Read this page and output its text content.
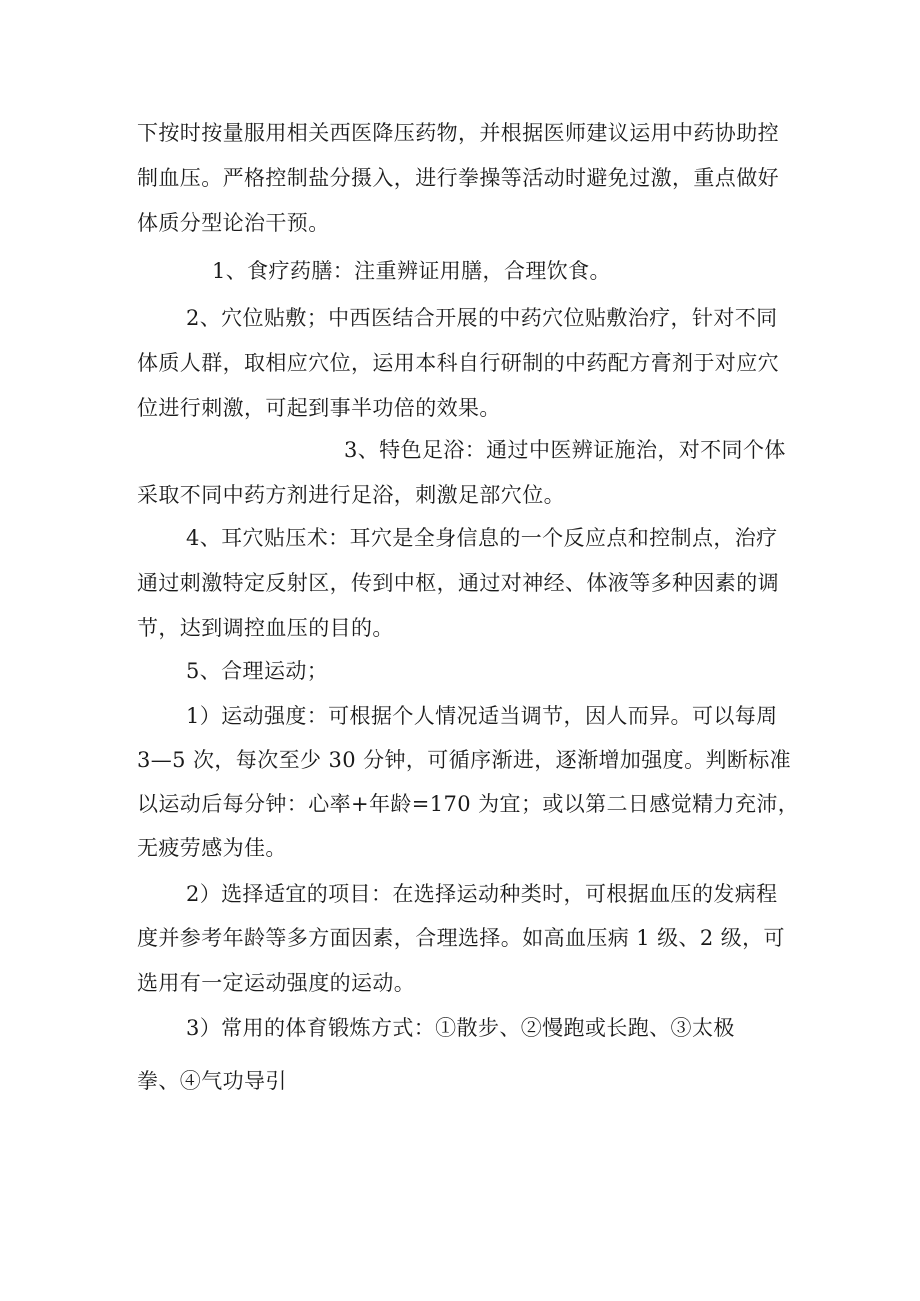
下按时按量服用相关西医降压药物，并根据医师建议运用中药协助控
制血压。严格控制盐分摄入，进行拳操等活动时避免过激，重点做好
体质分型论治干预。
1、食疗药膳：注重辨证用膳，合理饮食。
2、穴位贴敷；中西医结合开展的中药穴位贴敷治疗，针对不同
体质人群，取相应穴位，运用本科自行研制的中药配方膏剂于对应穴
位进行刺激，可起到事半功倍的效果。
3、特色足浴：通过中医辨证施治，对不同个体
采取不同中药方剂进行足浴，刺激足部穴位。
4、耳穴贴压术：耳穴是全身信息的一个反应点和控制点，治疗
通过刺激特定反射区，传到中枢，通过对神经、体液等多种因素的调
节，达到调控血压的目的。
5、合理运动；
1）运动强度：可根据个人情况适当调节，因人而异。可以每周
3—5 次，每次至少 30 分钟，可循序渐进，逐渐增加强度。判断标准
以运动后每分钟：心率+年龄=170 为宜；或以第二日感觉精力充沛，
无疲劳感为佳。
2）选择适宜的项目：在选择运动种类时，可根据血压的发病程
度并参考年龄等多方面因素，合理选择。如高血压病 1 级、2 级，可
选用有一定运动强度的运动。
3）常用的体育锻炼方式：①散步、②慢跑或长跑、③太极
拳、④气功导引
